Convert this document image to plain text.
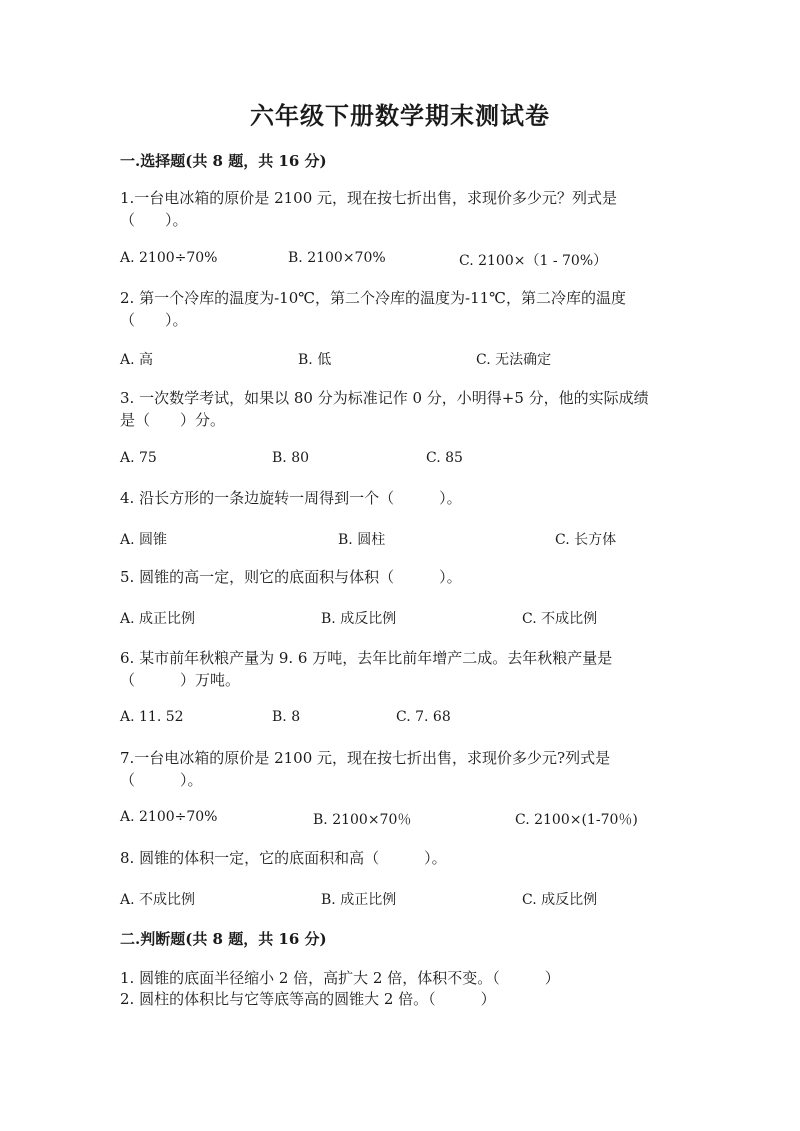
六年级下册数学期末测试卷
一.选择题(共 8 题，共 16 分)
1.一台电冰箱的原价是 2100 元，现在按七折出售，求现价多少元？列式是
（　　）。
A. 2100÷70%	B. 2100×70%	C. 2100×（1 - 70%）
2. 第一个冷库的温度为-10℃，第二个冷库的温度为-11℃，第二冷库的温度
（　　）。
A. 高	B. 低	C. 无法确定
3. 一次数学考试，如果以 80 分为标准记作 0 分，小明得+5 分，他的实际成绩
是（　　）分。
A. 75	B. 80	C. 85
4. 沿长方形的一条边旋转一周得到一个（　　　）。
A. 圆锥	B. 圆柱	C. 长方体
5. 圆锥的高一定，则它的底面积与体积（　　　）。
A. 成正比例	B. 成反比例	C. 不成比例
6. 某市前年秋粮产量为 9. 6 万吨，去年比前年增产二成。去年秋粮产量是
（　　　）万吨。
A. 11. 52	B. 8	C. 7. 68
7.一台电冰箱的原价是 2100 元，现在按七折出售，求现价多少元?列式是
（　　　）。
A. 2100÷70%	B. 2100×70％	C. 2100×(1-70％)
8. 圆锥的体积一定，它的底面积和高（　　　）。
A. 不成比例	B. 成正比例	C. 成反比例
二.判断题(共 8 题，共 16 分)
1. 圆锥的底面半径缩小 2 倍，高扩大 2 倍，体积不变。（　　　）
2. 圆柱的体积比与它等底等高的圆锥大 2 倍。（　　　）
